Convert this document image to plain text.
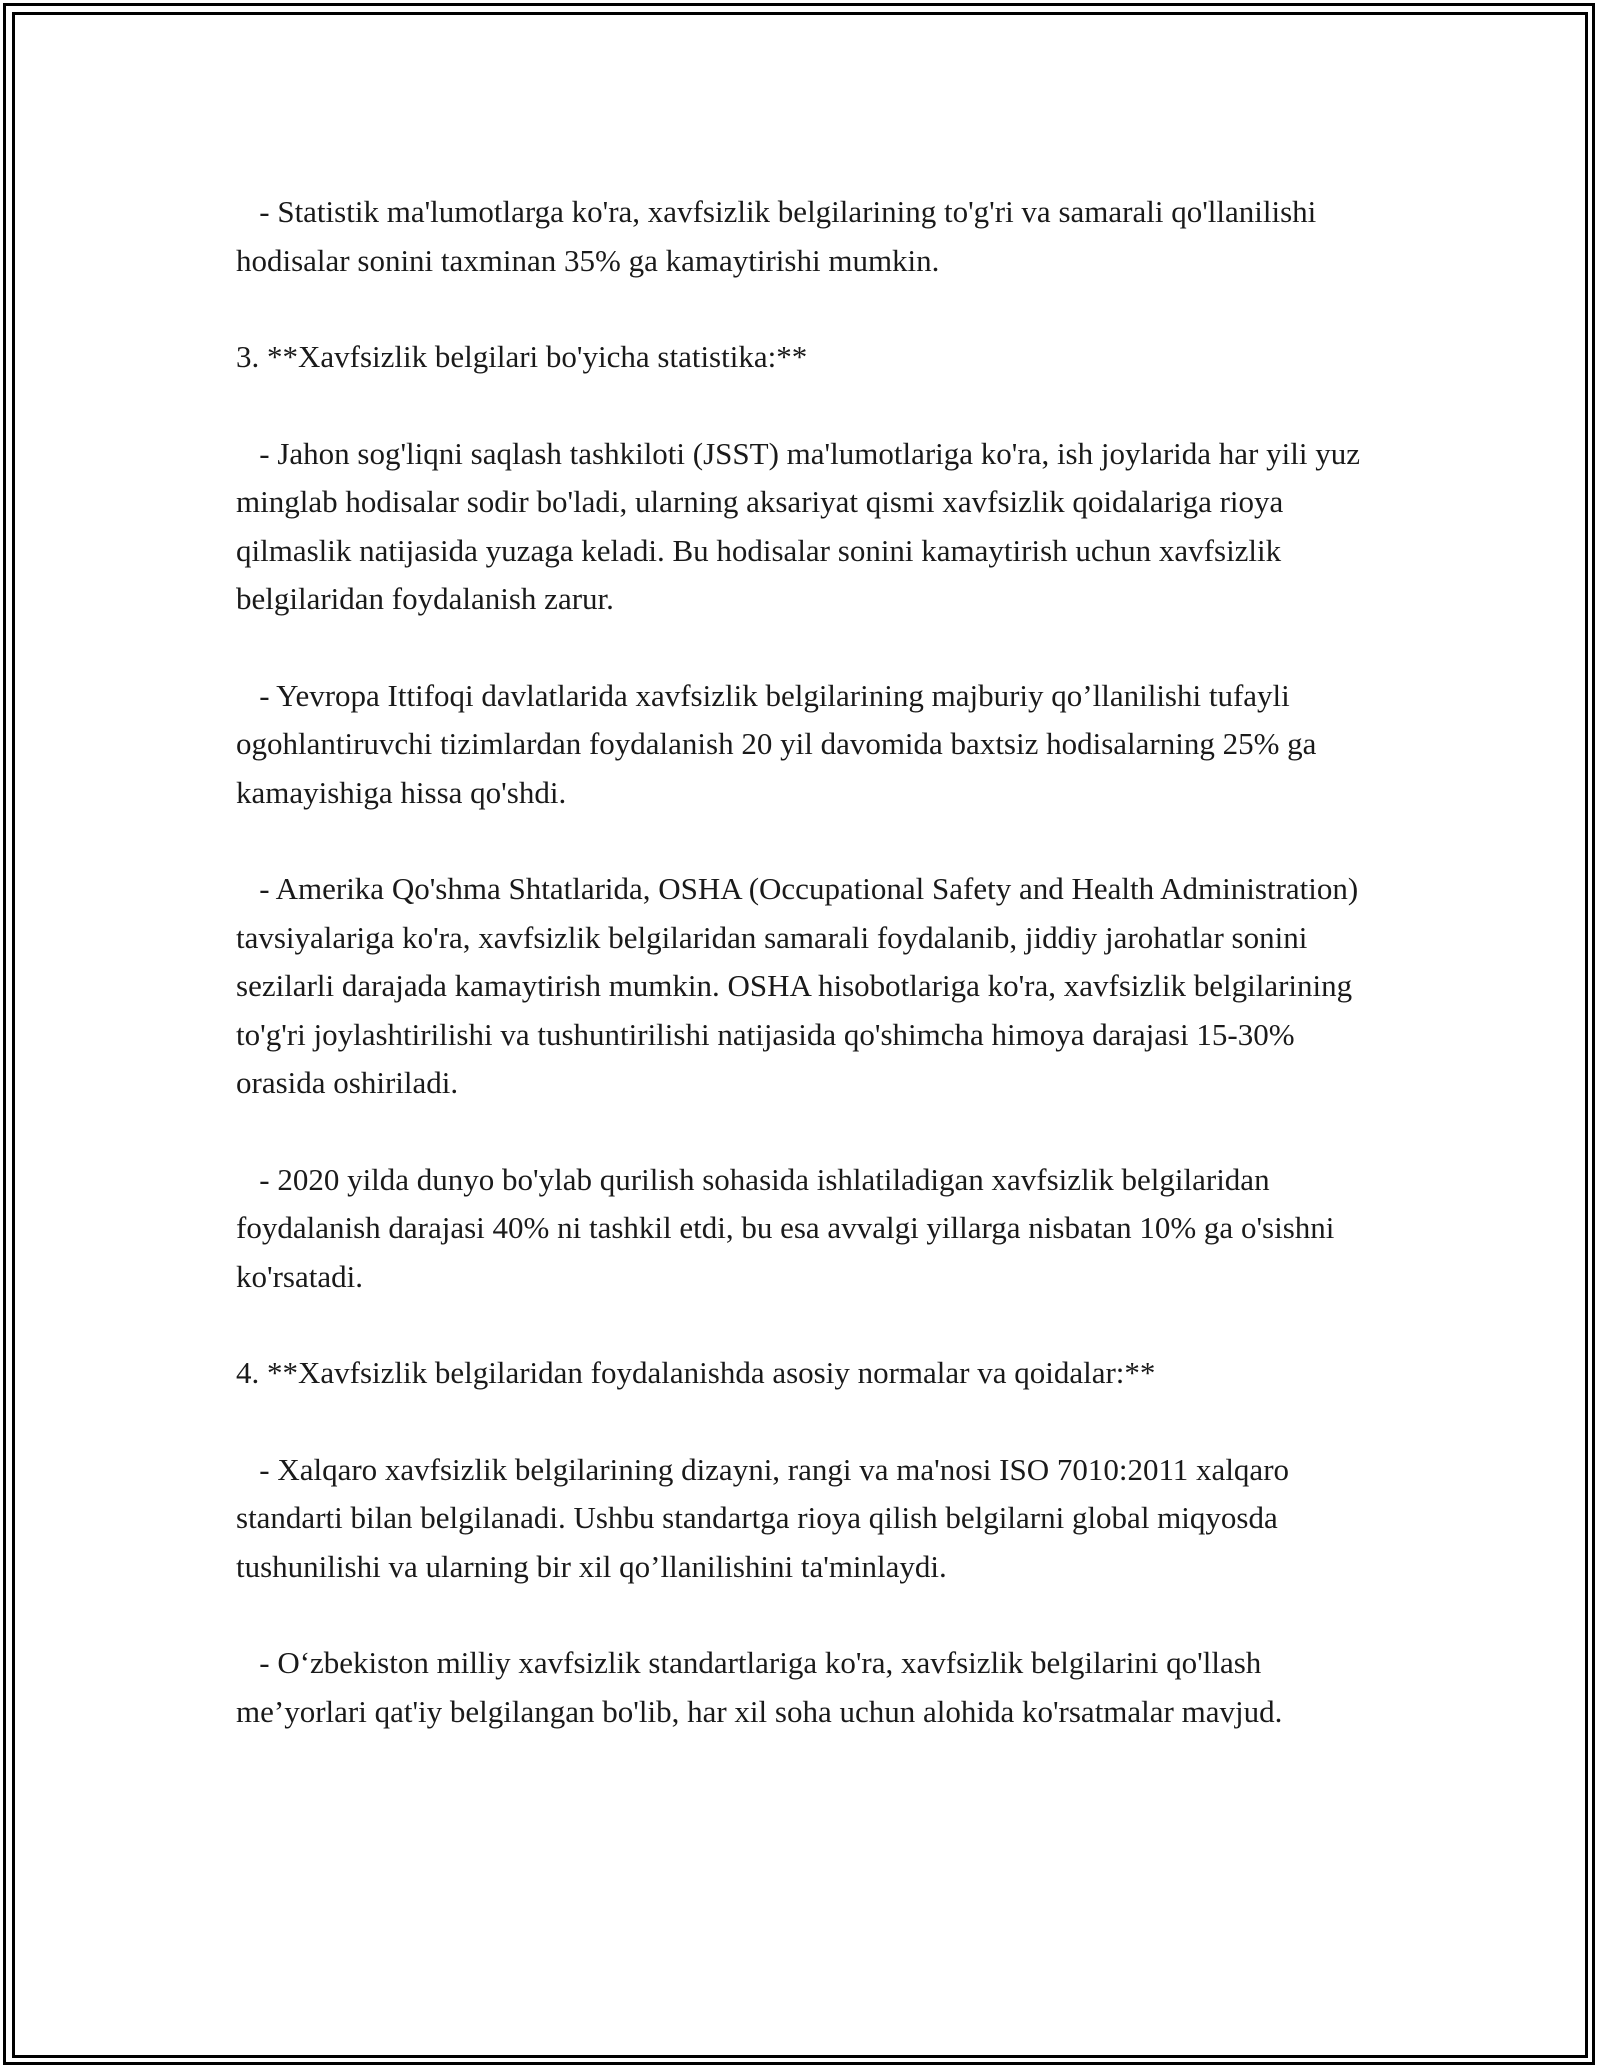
- Statistik ma'lumotlarga ko'ra, xavfsizlik belgilarining to'g'ri va samarali qo'llanilishi hodisalar sonini taxminan 35% ga kamaytirishi mumkin.

3. **Xavfsizlik belgilari bo'yicha statistika:**

- Jahon sog'liqni saqlash tashkiloti (JSST) ma'lumotlariga ko'ra, ish joylarida har yili yuz minglab hodisalar sodir bo'ladi, ularning aksariyat qismi xavfsizlik qoidalariga rioya qilmaslik natijasida yuzaga keladi. Bu hodisalar sonini kamaytirish uchun xavfsizlik belgilaridan foydalanish zarur.

- Yevropa Ittifoqi davlatlarida xavfsizlik belgilarining majburiy qo’llanilishi tufayli ogohlantiruvchi tizimlardan foydalanish 20 yil davomida baxtsiz hodisalarning 25% ga kamayishiga hissa qo'shdi.

- Amerika Qo'shma Shtatlarida, OSHA (Occupational Safety and Health Administration) tavsiyalariga ko'ra, xavfsizlik belgilaridan samarali foydalanib, jiddiy jarohatlar sonini sezilarli darajada kamaytirish mumkin. OSHA hisobotlariga ko'ra, xavfsizlik belgilarining to'g'ri joylashtirilishi va tushuntirilishi natijasida qo'shimcha himoya darajasi 15-30% orasida oshiriladi.

- 2020 yilda dunyo bo'ylab qurilish sohasida ishlatiladigan xavfsizlik belgilaridan foydalanish darajasi 40% ni tashkil etdi, bu esa avvalgi yillarga nisbatan 10% ga o'sishni ko'rsatadi.

4. **Xavfsizlik belgilaridan foydalanishda asosiy normalar va qoidalar:**

- Xalqaro xavfsizlik belgilarining dizayni, rangi va ma'nosi ISO 7010:2011 xalqaro standarti bilan belgilanadi. Ushbu standartga rioya qilish belgilarni global miqyosda tushunilishi va ularning bir xil qo’llanilishini ta'minlaydi.

- O‘zbekiston milliy xavfsizlik standartlariga ko'ra, xavfsizlik belgilarini qo'llash me’yorlari qat'iy belgilangan bo'lib, har xil soha uchun alohida ko'rsatmalar mavjud.
